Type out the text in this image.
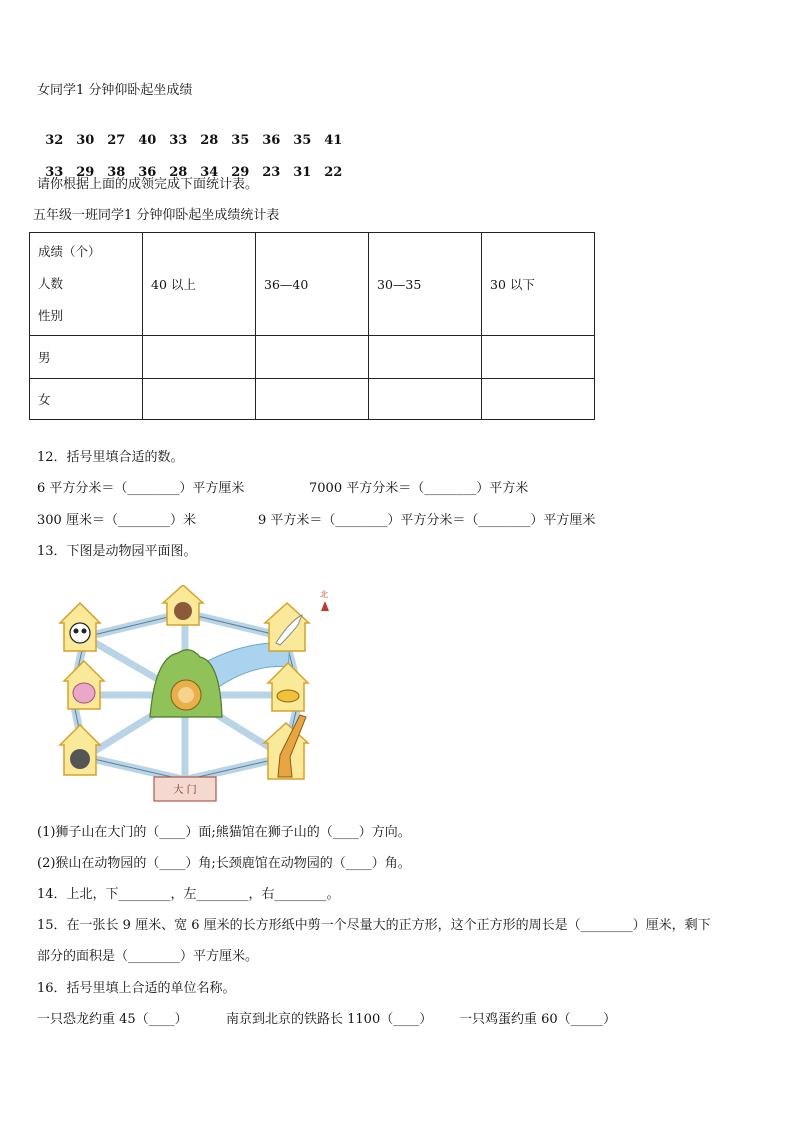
女同学1 分钟仰卧起坐成绩

32 30 27 40 33 28 35 36 35 41

33 29 38 36 28 34 29 23 31 22

请你根据上面的成领完成下面统计表。
五年级一班同学1 分钟仰卧起坐成绩统计表
成绩（个）
人数
性别	40 以上	36—40	30—35	30 以下
男				
女				
12．括号里填合适的数。
6 平方分米＝（________）平方厘米	7000 平方分米＝（________）平方米
300 厘米＝（________）米	9 平方米＝（________）平方分米＝（________）平方厘米
13．下图是动物园平面图。
大 门
北
(1)狮子山在大门的（____）面;熊猫馆在狮子山的（____）方向。
(2)猴山在动物园的（____）角;长颈鹿馆在动物园的（____）角。
14．上北，下________，左________，右________。
15．在一张长 9 厘米、宽 6 厘米的长方形纸中剪一个尽量大的正方形，这个正方形的周长是（________）厘米，剩下
部分的面积是（________）平方厘米。
16．括号里填上合适的单位名称。
一只恐龙约重 45（____）	南京到北京的铁路长 1100（____） 一只鸡蛋约重 60（_____）
